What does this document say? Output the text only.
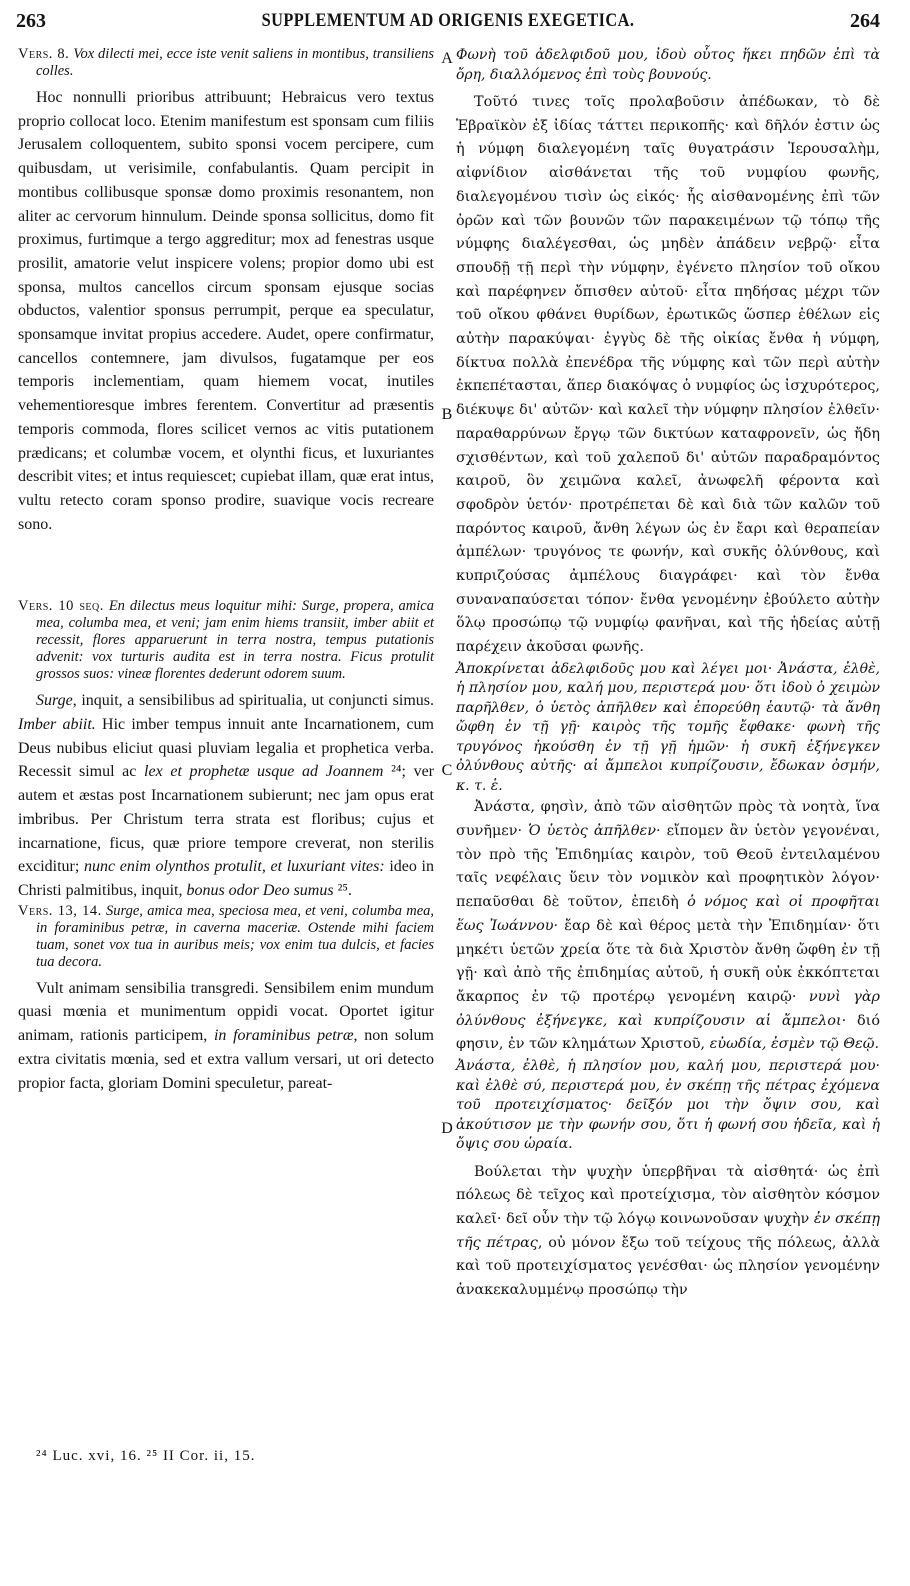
263	SUPPLEMENTUM AD ORIGENIS EXEGETICA.	264

Vers. 8. Vox dilecti mei, ecce iste venit saliens in montibus, transiliens colles.

Hoc nonnulli prioribus attribuunt; Hebraicus vero textus proprio collocat loco. Etenim manifestum est sponsam cum filiis Jerusalem colloquentem, subito sponsi vocem percipere, cum quibusdam, ut verisimile, confabulantis. Quam percipit in montibus collibusque sponsæ domo proximis resonantem, non aliter ac cervorum hinnulum. Deinde sponsa sollicitus, domo fit proximus, furtimque a tergo aggreditur; mox ad fenestras usque prosilit, amatorie velut inspicere volens; propior domo ubi est sponsa, multos cancellos circum sponsam ejusque socias obductos, valentior sponsus perrumpit, perque ea speculatur, sponsamque invitat propius accedere. Audet, opere confirmatur, cancellos contemnere, jam divulsos, fugatamque per eos temporis inclementiam, quam hiemem vocat, inutiles vehementioresque imbres ferentem. Convertitur ad præsentis temporis commoda, flores scilicet vernos ac vitis putationem prædicans; et columbæ vocem, et olynthi ficus, et luxuriantes describit vites; et intus requiescet; cupiebat illam, quæ erat intus, vultu retecto coram sponso prodire, suavique vocis recreare sono.

Vers. 10 seq. En dilectus meus loquitur mihi: Surge, propera, amica mea, columba mea, et veni; jam enim hiems transiit, imber abiit et recessit, flores apparuerunt in terra nostra, tempus putationis advenit: vox turturis audita est in terra nostra. Ficus protulit grossos suos: vineæ florentes dederunt odorem suum.

Surge, inquit, a sensibilibus ad spiritualia, ut conjuncti simus. Imber abiit. Hic imber tempus innuit ante Incarnationem, cum Deus nubibus eliciut quasi pluviam legalia et prophetica verba. Recessit simul ac lex et prophetæ usque ad Joannem ²⁴; ver autem et æstas post Incarnationem subierunt; nec jam opus erat imbribus. Per Christum terra strata est floribus; cujus et incarnatione, ficus, quæ priore tempore creverat, non sterilis exciditur; nunc enim olynthos protulit, et luxuriant vites: ideo in Christi palmitibus, inquit, bonus odor Deo sumus ²⁵.

Vers. 13, 14. Surge, amica mea, speciosa mea, et veni, columba mea, in foraminibus petræ, in caverna maceriæ. Ostende mihi faciem tuam, sonet vox tua in auribus meis; vox enim tua dulcis, et facies tua decora.

Vult animam sensibilia transgredi. Sensibilem enim mundum quasi mœnia et munimentum oppidi vocat. Oportet igitur animam, rationis participem, in foraminibus petræ, non solum extra civitatis mœnia, sed et extra vallum versari, ut ori detecto propior facta, gloriam Domini speculetur, pareat-

A
B
C
D

Φωνὴ τοῦ ἀδελφιδοῦ μου, ἰδοὺ οὗτος ἥκει πηδῶν ἐπὶ τὰ ὄρη, διαλλόμενος ἐπὶ τοὺς βουνούς.

Τοῦτό τινες τοῖς προλαβοῦσιν ἀπέδωκαν, τὸ δὲ Ἑβραϊκὸν ἐξ ἰδίας τάττει περικοπῆς· καὶ δῆλόν ἐστιν ὡς ἡ νύμφη διαλεγομένη ταῖς θυγατράσιν Ἱερουσαλὴμ, αἰφνίδιον αἰσθάνεται τῆς τοῦ νυμφίου φωνῆς, διαλεγομένου τισὶν ὡς εἰκός· ἧς αἰσθανομένης ἐπὶ τῶν ὀρῶν καὶ τῶν βουνῶν τῶν παρακειμένων τῷ τόπῳ τῆς νύμφης διαλέγεσθαι, ὡς μηδὲν ἀπάδειν νεβρῷ· εἶτα σπουδῇ τῇ περὶ τὴν νύμφην, ἐγένετο πλησίον τοῦ οἴκου καὶ παρέφηνεν ὄπισθεν αὐτοῦ· εἶτα πηδήσας μέχρι τῶν τοῦ οἴκου φθάνει θυρίδων, ἐρωτικῶς ὥσπερ ἐθέλων εἰς αὐτὴν παρακύψαι· ἐγγὺς δὲ τῆς οἰκίας ἔνθα ἡ νύμφη, δίκτυα πολλὰ ἐπενέδρα τῆς νύμφης καὶ τῶν περὶ αὐτὴν ἐκπεπέτασται, ἅπερ διακόψας ὁ νυμφίος ὡς ἰσχυρότερος, διέκυψε δι' αὐτῶν· καὶ καλεῖ τὴν νύμφην πλησίον ἐλθεῖν· παραθαρρύνων ἔργῳ τῶν δικτύων καταφρονεῖν, ὡς ἤδη σχισθέντων, καὶ τοῦ χαλεποῦ δι' αὐτῶν παραδραμόντος καιροῦ, ὃν χειμῶνα καλεῖ, ἀνωφελῆ φέροντα καὶ σφοδρὸν ὑετόν· προτρέπεται δὲ καὶ διὰ τῶν καλῶν τοῦ παρόντος καιροῦ, ἄνθη λέγων ὡς ἐν ἔαρι καὶ θεραπείαν ἀμπέλων· τρυγόνος τε φωνήν, καὶ συκῆς ὀλύνθους, καὶ κυπριζούσας ἀμπέλους διαγράφει· καὶ τὸν ἔνθα συναναπαύσεται τόπον· ἔνθα γενομένην ἐβούλετο αὐτὴν ὅλῳ προσώπῳ τῷ νυμφίῳ φανῆναι, καὶ τῆς ἡδείας αὐτῇ παρέχειν ἀκοῦσαι φωνῆς.

Ἀποκρίνεται ἀδελφιδοῦς μου καὶ λέγει μοι· Ἀνάστα, ἐλθὲ, ἡ πλησίον μου, καλή μου, περιστερά μου· ὅτι ἰδοὺ ὁ χειμὼν παρῆλθεν, ὁ ὑετὸς ἀπῆλθεν καὶ ἐπορεύθη ἑαυτῷ· τὰ ἄνθη ὤφθη ἐν τῇ γῇ· καιρὸς τῆς τομῆς ἔφθακε· φωνὴ τῆς τρυγόνος ἠκούσθη ἐν τῇ γῇ ἡμῶν· ἡ συκῆ ἐξήνεγκεν ὀλύνθους αὐτῆς· αἱ ἄμπελοι κυπρίζουσιν, ἔδωκαν ὀσμήν, κ. τ. ἑ.

Ἀνάστα, φησὶν, ἀπὸ τῶν αἰσθητῶν πρὸς τὰ νοητὰ, ἵνα συνῆμεν· Ὁ ὑετὸς ἀπῆλθεν· εἴπομεν ἂν ὑετὸν γεγονέναι, τὸν πρὸ τῆς Ἐπιδημίας καιρὸν, τοῦ Θεοῦ ἐντειλαμένου ταῖς νεφέλαις ὕειν τὸν νομικὸν καὶ προφητικὸν λόγον· πεπαῦσθαι δὲ τοῦτον, ἐπειδὴ ὁ νόμος καὶ οἱ προφῆται ἕως Ἰωάννου· ἔαρ δὲ καὶ θέρος μετὰ τὴν Ἐπιδημίαν· ὅτι μηκέτι ὑετῶν χρεία ὅτε τὰ διὰ Χριστὸν ἄνθη ὤφθη ἐν τῇ γῇ· καὶ ἀπὸ τῆς ἐπιδημίας αὐτοῦ, ἡ συκῆ οὐκ ἐκκόπτεται ἄκαρπος ἐν τῷ προτέρῳ γενομένη καιρῷ· νυνὶ γὰρ ὀλύνθους ἐξήνεγκε, καὶ κυπρίζουσιν αἱ ἄμπελοι· διό φησιν, ἐν τῶν κλημάτων Χριστοῦ, εὐωδία, ἐσμὲν τῷ Θεῷ.

Ἀνάστα, ἐλθὲ, ἡ πλησίον μου, καλή μου, περιστερά μου· καὶ ἐλθὲ σύ, περιστερά μου, ἐν σκέπῃ τῆς πέτρας ἐχόμενα τοῦ προτειχίσματος· δεῖξόν μοι τὴν ὄψιν σου, καὶ ἀκούτισον με τὴν φωνήν σου, ὅτι ἡ φωνή σου ἡδεῖα, καὶ ἡ ὄψις σου ὡραία.

Βούλεται τὴν ψυχὴν ὑπερβῆναι τὰ αἰσθητά· ὡς ἐπὶ πόλεως δὲ τεῖχος καὶ προτείχισμα, τὸν αἰσθητὸν κόσμον καλεῖ· δεῖ οὖν τὴν τῷ λόγῳ κοινωνοῦσαν ψυχὴν ἐν σκέπῃ τῆς πέτρας, οὐ μόνον ἔξω τοῦ τείχους τῆς πόλεως, ἀλλὰ καὶ τοῦ προτειχίσματος γενέσθαι· ὡς πλησίον γενομένην ἀνακεκαλυμμένῳ προσώπῳ τὴν

²⁴ Luc. xvi, 16. ²⁵ II Cor. ii, 15.
